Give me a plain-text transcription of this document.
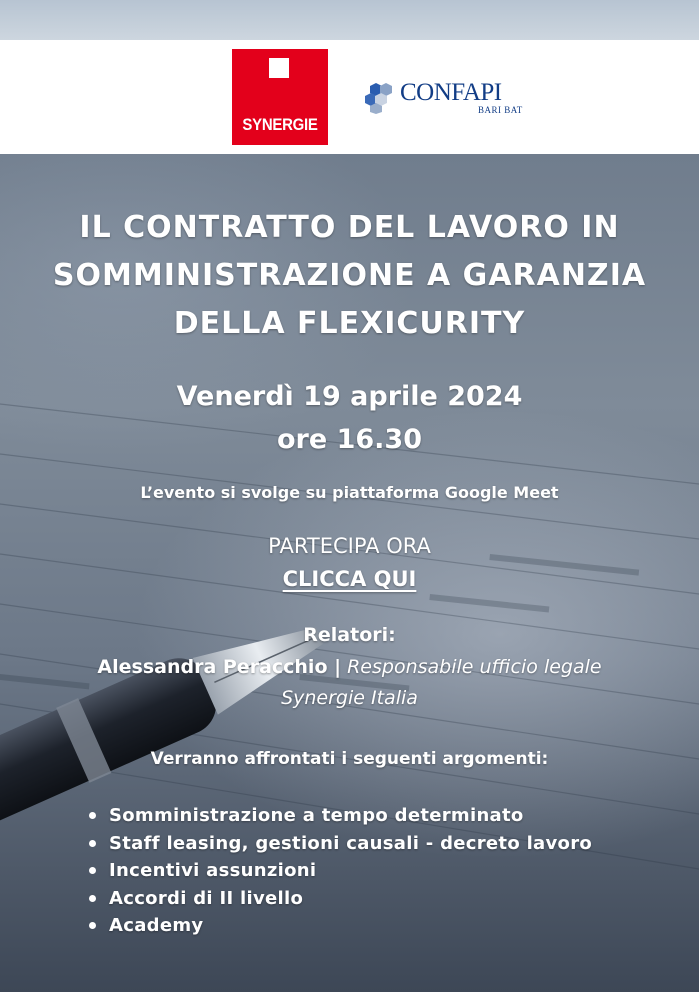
SYNERGIE
CONFAPI
BARI BAT
IL CONTRATTO DEL LAVORO IN
SOMMINISTRAZIONE A GARANZIA
DELLA FLEXICURITY
Venerdì 19 aprile 2024
ore 16.30
L’evento si svolge su piattaforma Google Meet
PARTECIPA ORA
CLICCA QUI
Relatori:
Alessandra Peracchio | Responsabile ufficio legale
Synergie Italia
Verranno affrontati i seguenti argomenti:
Somministrazione a tempo determinato
Staff leasing, gestioni causali - decreto lavoro
Incentivi assunzioni
Accordi di II livello
Academy
